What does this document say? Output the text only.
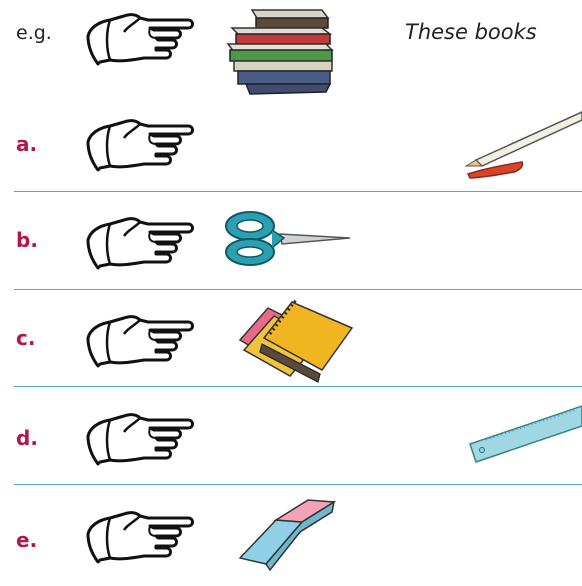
e.g.	These books
a.
b.
c.
d.
e.
